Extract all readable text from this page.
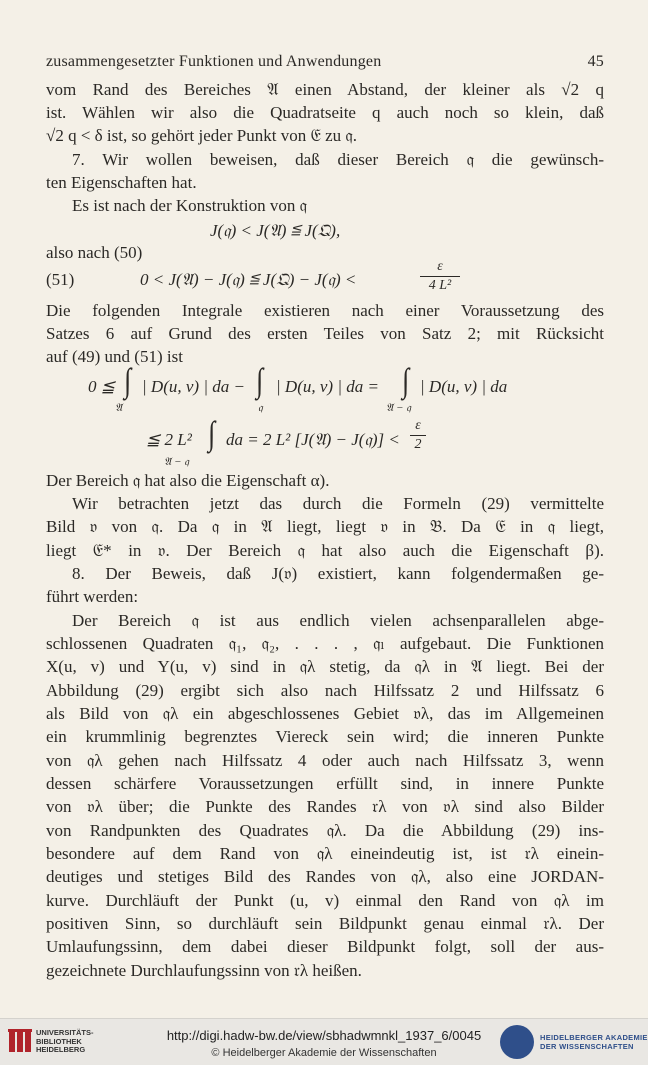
zusammengesetzter Funktionen und Anwendungen	45
vom Rand des Bereiches 𝔄 einen Abstand, der kleiner als √2 q
ist. Wählen wir also die Quadratseite q auch noch so klein, daß
√2 q < δ ist, so gehört jeder Punkt von 𝔈 zu 𝔮.
7. Wir wollen beweisen, daß dieser Bereich 𝔮 die gewünsch-
ten Eigenschaften hat.
Es ist nach der Konstruktion von 𝔮
J(𝔮) < J(𝔄) ≦ J(𝔔),
also nach (50)
(51)	0 < J(𝔄) − J(𝔮) ≦ J(𝔔) − J(𝔮) <
ε
4 L²
Die folgenden Integrale existieren nach einer Voraussetzung des
Satzes 6 auf Grund des ersten Teiles von Satz 2; mit Rücksicht
auf (49) und (51) ist
0 ≦ ∫ | D(u, v) | da −
𝔄
∫ | D(u, v) | da =
𝔮
∫ | D(u, v) | da
𝔄 − 𝔮
≦ 2 L² ∫ da = 2 L² [J(𝔄) − J(𝔮)] <
𝔄 − 𝔮
ε
2
Der Bereich 𝔮 hat also die Eigenschaft α).
Wir betrachten jetzt das durch die Formeln (29) vermittelte
Bild 𝔳 von 𝔮. Da 𝔮 in 𝔄 liegt, liegt 𝔳 in 𝔅. Da 𝔈 in 𝔮 liegt,
liegt 𝔈* in 𝔳. Der Bereich 𝔮 hat also auch die Eigenschaft β).
8. Der Beweis, daß J(𝔳) existiert, kann folgendermaßen ge-
führt werden:
Der Bereich 𝔮 ist aus endlich vielen achsenparallelen abge-
schlossenen Quadraten 𝔮₁, 𝔮₂, . . . , 𝔮ₗ aufgebaut. Die Funktionen
X(u, v) und Y(u, v) sind in 𝔮λ stetig, da 𝔮λ in 𝔄 liegt. Bei der
Abbildung (29) ergibt sich also nach Hilfssatz 2 und Hilfssatz 6
als Bild von 𝔮λ ein abgeschlossenes Gebiet 𝔳λ, das im Allgemeinen
ein krummlinig begrenztes Viereck sein wird; die inneren Punkte
von 𝔮λ gehen nach Hilfssatz 4 oder auch nach Hilfssatz 3, wenn
dessen schärfere Voraussetzungen erfüllt sind, in innere Punkte
von 𝔳λ über; die Punkte des Randes 𝔯λ von 𝔳λ sind also Bilder
von Randpunkten des Quadrates 𝔮λ. Da die Abbildung (29) ins-
besondere auf dem Rand von 𝔮λ eineindeutig ist, ist 𝔯λ einein-
deutiges und stetiges Bild des Randes von 𝔮λ, also eine JORDAN-
kurve. Durchläuft der Punkt (u, v) einmal den Rand von 𝔮λ im
positiven Sinn, so durchläuft sein Bildpunkt genau einmal 𝔯λ. Der
Umlaufungssinn, dem dabei dieser Bildpunkt folgt, soll der aus-
gezeichnete Durchlaufungssinn von 𝔯λ heißen.
UNIVERSITÄTS-
BIBLIOTHEK
HEIDELBERG
http://digi.hadw-bw.de/view/sbhadwmnkl_1937_6/0045
© Heidelberger Akademie der Wissenschaften
HEIDELBERGER AKADEMIE
DER WISSENSCHAFTEN
